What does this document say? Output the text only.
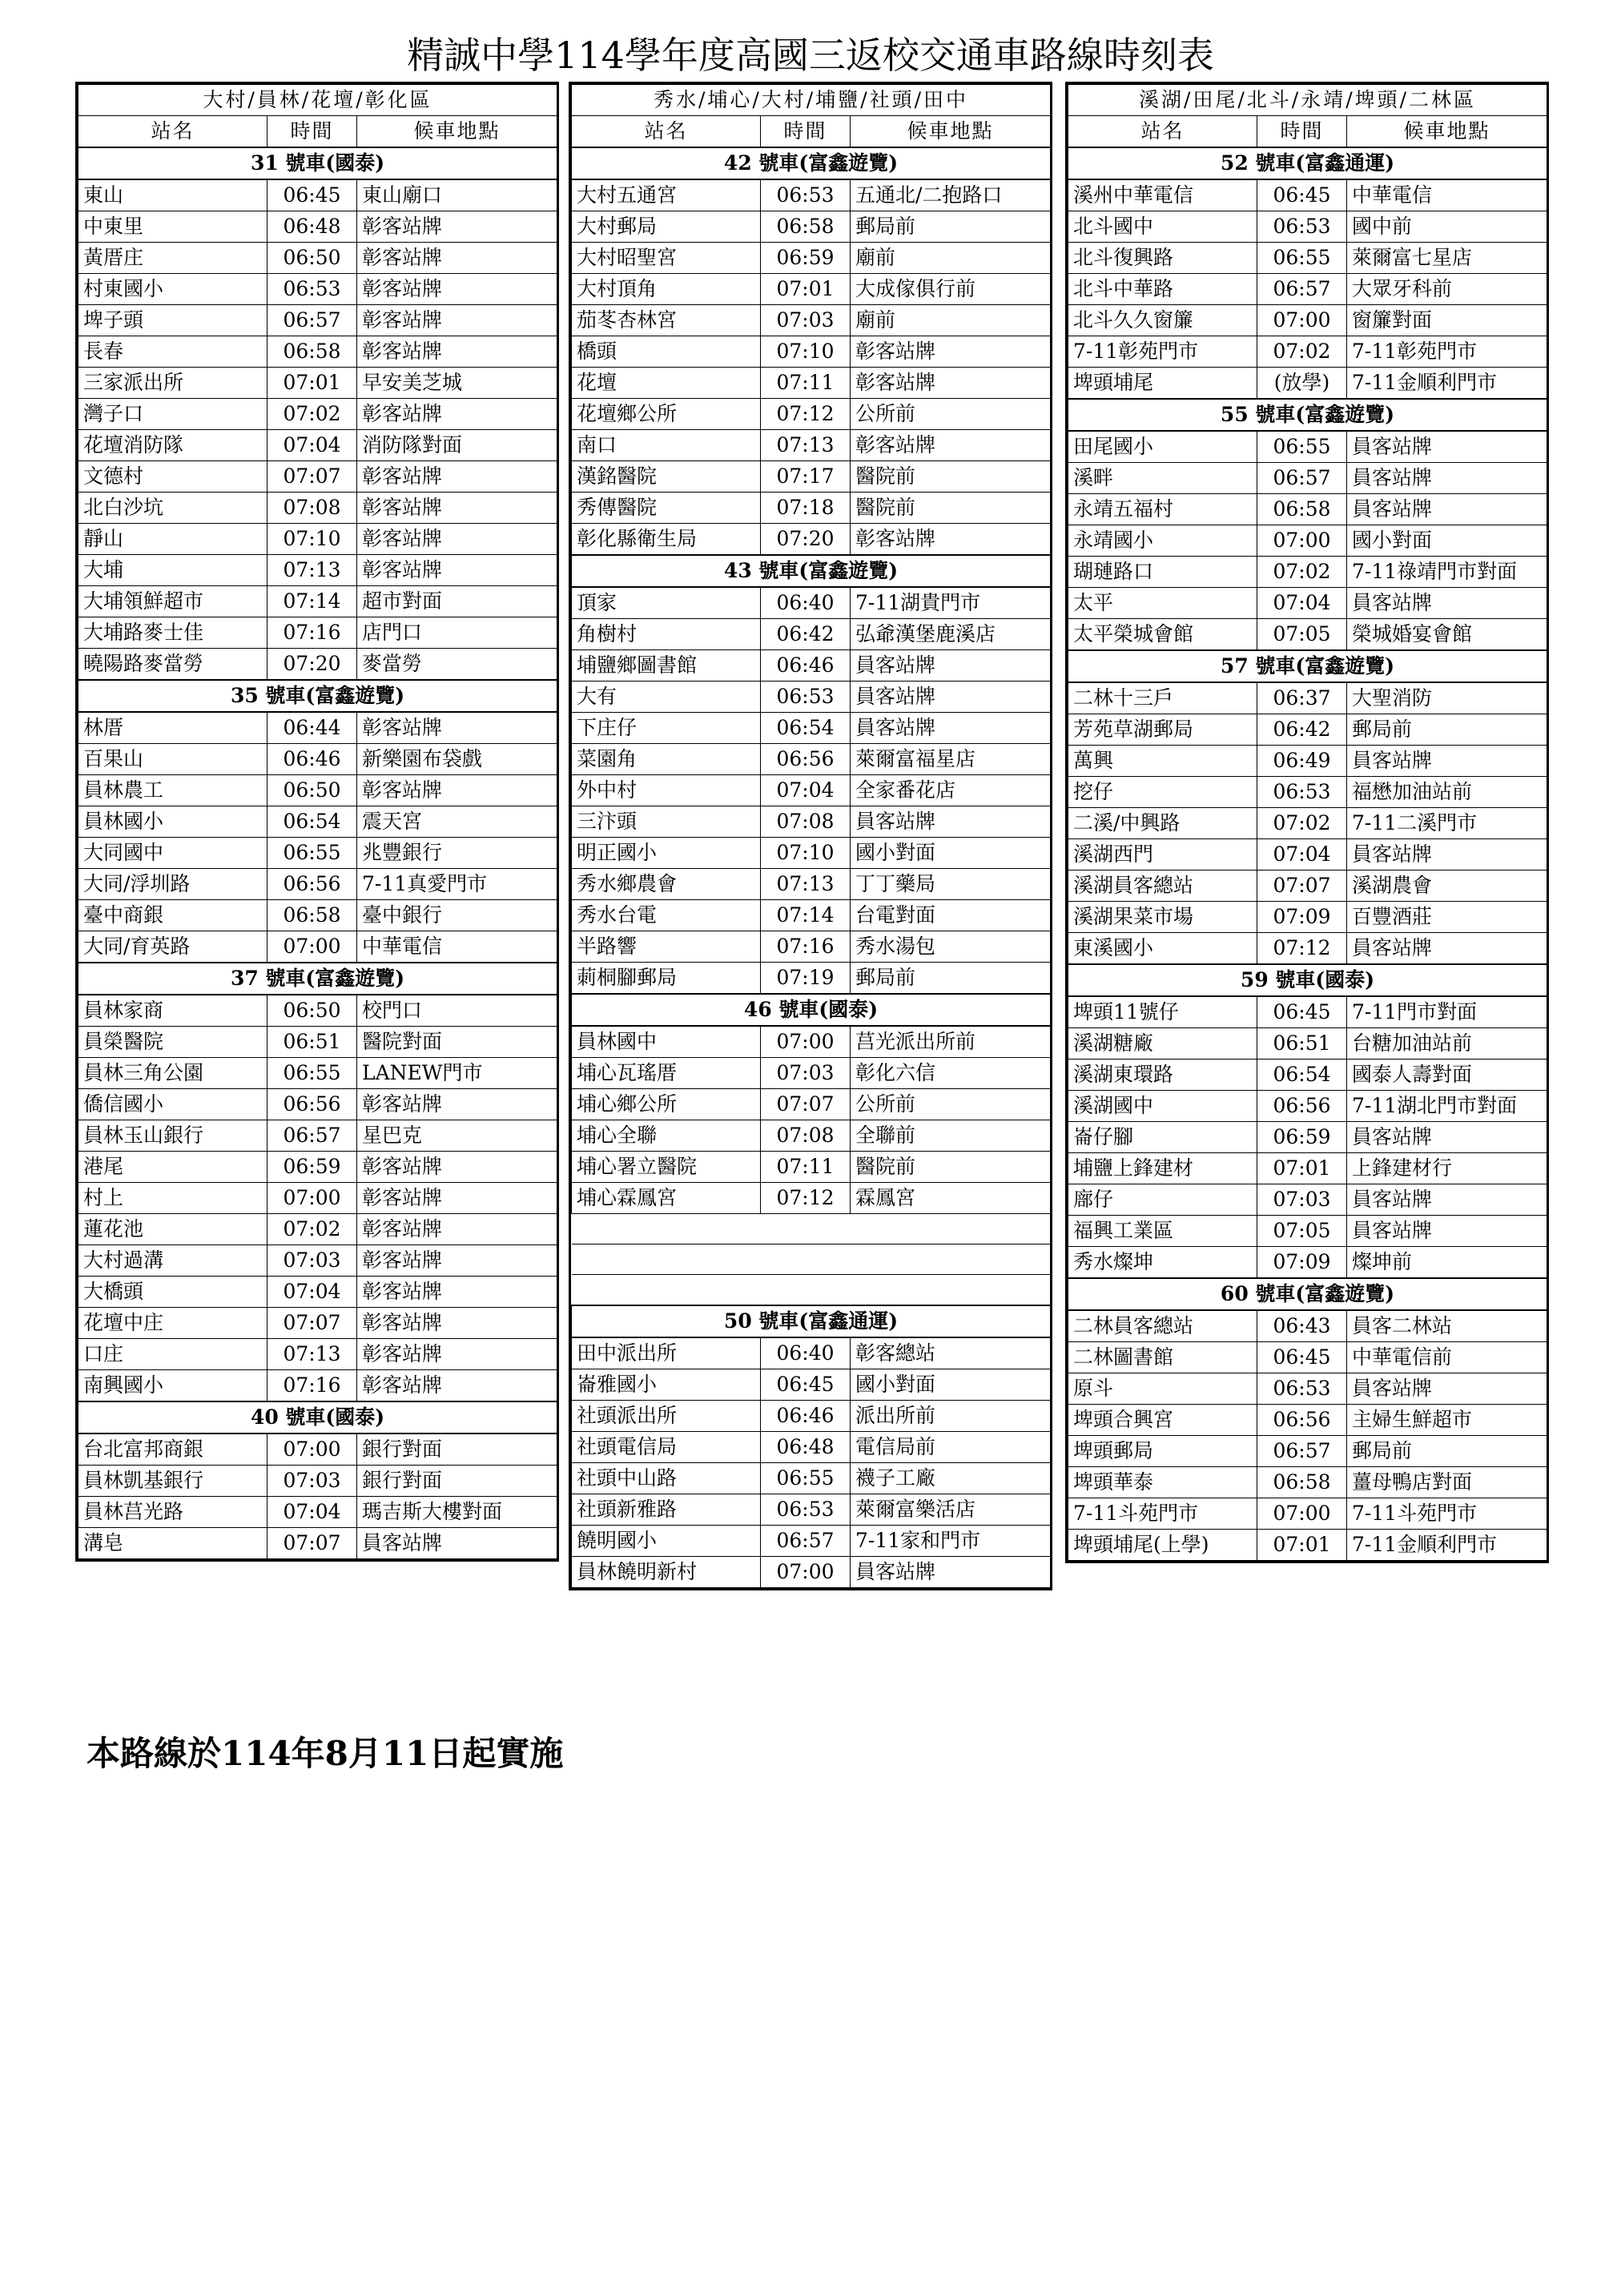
精誠中學114學年度高國三返校交通車路線時刻表
大村/員林/花壇/彰化區		
站名	時間	候車地點
31 號車(國泰)		
東山	06:45	東山廟口
中東里	06:48	彰客站牌
黃厝庄	06:50	彰客站牌
村東國小	06:53	彰客站牌
埤子頭	06:57	彰客站牌
長春	06:58	彰客站牌
三家派出所	07:01	早安美芝城
灣子口	07:02	彰客站牌
花壇消防隊	07:04	消防隊對面
文德村	07:07	彰客站牌
北白沙坑	07:08	彰客站牌
靜山	07:10	彰客站牌
大埔	07:13	彰客站牌
大埔領鮮超市	07:14	超市對面
大埔路麥士佳	07:16	店門口
曉陽路麥當勞	07:20	麥當勞
35 號車(富鑫遊覽)		
林厝	06:44	彰客站牌
百果山	06:46	新樂園布袋戲
員林農工	06:50	彰客站牌
員林國小	06:54	震天宮
大同國中	06:55	兆豐銀行
大同/浮圳路	06:56	7-11真愛門市
臺中商銀	06:58	臺中銀行
大同/育英路	07:00	中華電信
37 號車(富鑫遊覽)		
員林家商	06:50	校門口
員榮醫院	06:51	醫院對面
員林三角公園	06:55	LANEW門市
僑信國小	06:56	彰客站牌
員林玉山銀行	06:57	星巴克
港尾	06:59	彰客站牌
村上	07:00	彰客站牌
蓮花池	07:02	彰客站牌
大村過溝	07:03	彰客站牌
大橋頭	07:04	彰客站牌
花壇中庄	07:07	彰客站牌
口庄	07:13	彰客站牌
南興國小	07:16	彰客站牌
40 號車(國泰)		
台北富邦商銀	07:00	銀行對面
員林凱基銀行	07:03	銀行對面
員林莒光路	07:04	瑪吉斯大樓對面
溝皂	07:07	員客站牌
秀水/埔心/大村/埔鹽/社頭/田中		
站名	時間	候車地點
42 號車(富鑫遊覽)		
大村五通宮	06:53	五通北/二抱路口
大村郵局	06:58	郵局前
大村昭聖宮	06:59	廟前
大村頂角	07:01	大成傢俱行前
茄苳杏林宮	07:03	廟前
橋頭	07:10	彰客站牌
花壇	07:11	彰客站牌
花壇鄉公所	07:12	公所前
南口	07:13	彰客站牌
漢銘醫院	07:17	醫院前
秀傳醫院	07:18	醫院前
彰化縣衛生局	07:20	彰客站牌
43 號車(富鑫遊覽)		
頂家	06:40	7-11湖貴門市
角樹村	06:42	弘爺漢堡鹿溪店
埔鹽鄉圖書館	06:46	員客站牌
大有	06:53	員客站牌
下庄仔	06:54	員客站牌
菜園角	06:56	萊爾富福星店
外中村	07:04	全家番花店
三汴頭	07:08	員客站牌
明正國小	07:10	國小對面
秀水鄉農會	07:13	丁丁藥局
秀水台電	07:14	台電對面
半路響	07:16	秀水湯包
莿桐腳郵局	07:19	郵局前
46 號車(國泰)		
員林國中	07:00	莒光派出所前
埔心瓦瑤厝	07:03	彰化六信
埔心鄉公所	07:07	公所前
埔心全聯	07:08	全聯前
埔心署立醫院	07:11	醫院前
埔心霖鳳宮	07:12	霖鳳宮

50 號車(富鑫通運)		
田中派出所	06:40	彰客總站
崙雅國小	06:45	國小對面
社頭派出所	06:46	派出所前
社頭電信局	06:48	電信局前
社頭中山路	06:55	襪子工廠
社頭新雅路	06:53	萊爾富樂活店
饒明國小	06:57	7-11家和門市
員林饒明新村	07:00	員客站牌
溪湖/田尾/北斗/永靖/埤頭/二林區		
站名	時間	候車地點
52 號車(富鑫通運)		
溪州中華電信	06:45	中華電信
北斗國中	06:53	國中前
北斗復興路	06:55	萊爾富七星店
北斗中華路	06:57	大眾牙科前
北斗久久窗簾	07:00	窗簾對面
7-11彰苑門市	07:02	7-11彰苑門市
埤頭埔尾	(放學)	7-11金順利門市
55 號車(富鑫遊覽)		
田尾國小	06:55	員客站牌
溪畔	06:57	員客站牌
永靖五福村	06:58	員客站牌
永靖國小	07:00	國小對面
瑚璉路口	07:02	7-11祿靖門市對面
太平	07:04	員客站牌
太平榮城會館	07:05	榮城婚宴會館
57 號車(富鑫遊覽)		
二林十三戶	06:37	大聖消防
芳苑草湖郵局	06:42	郵局前
萬興	06:49	員客站牌
挖仔	06:53	福懋加油站前
二溪/中興路	07:02	7-11二溪門市
溪湖西門	07:04	員客站牌
溪湖員客總站	07:07	溪湖農會
溪湖果菜市場	07:09	百豐酒莊
東溪國小	07:12	員客站牌
59 號車(國泰)		
埤頭11號仔	06:45	7-11門市對面
溪湖糖廠	06:51	台糖加油站前
溪湖東環路	06:54	國泰人壽對面
溪湖國中	06:56	7-11湖北門市對面
崙仔腳	06:59	員客站牌
埔鹽上鋒建材	07:01	上鋒建材行
廍仔	07:03	員客站牌
福興工業區	07:05	員客站牌
秀水燦坤	07:09	燦坤前
60 號車(富鑫遊覽)		
二林員客總站	06:43	員客二林站
二林圖書館	06:45	中華電信前
原斗	06:53	員客站牌
埤頭合興宮	06:56	主婦生鮮超市
埤頭郵局	06:57	郵局前
埤頭華泰	06:58	薑母鴨店對面
7-11斗苑門市	07:00	7-11斗苑門市
埤頭埔尾(上學)	07:01	7-11金順利門市
本路線於114年8月11日起實施
